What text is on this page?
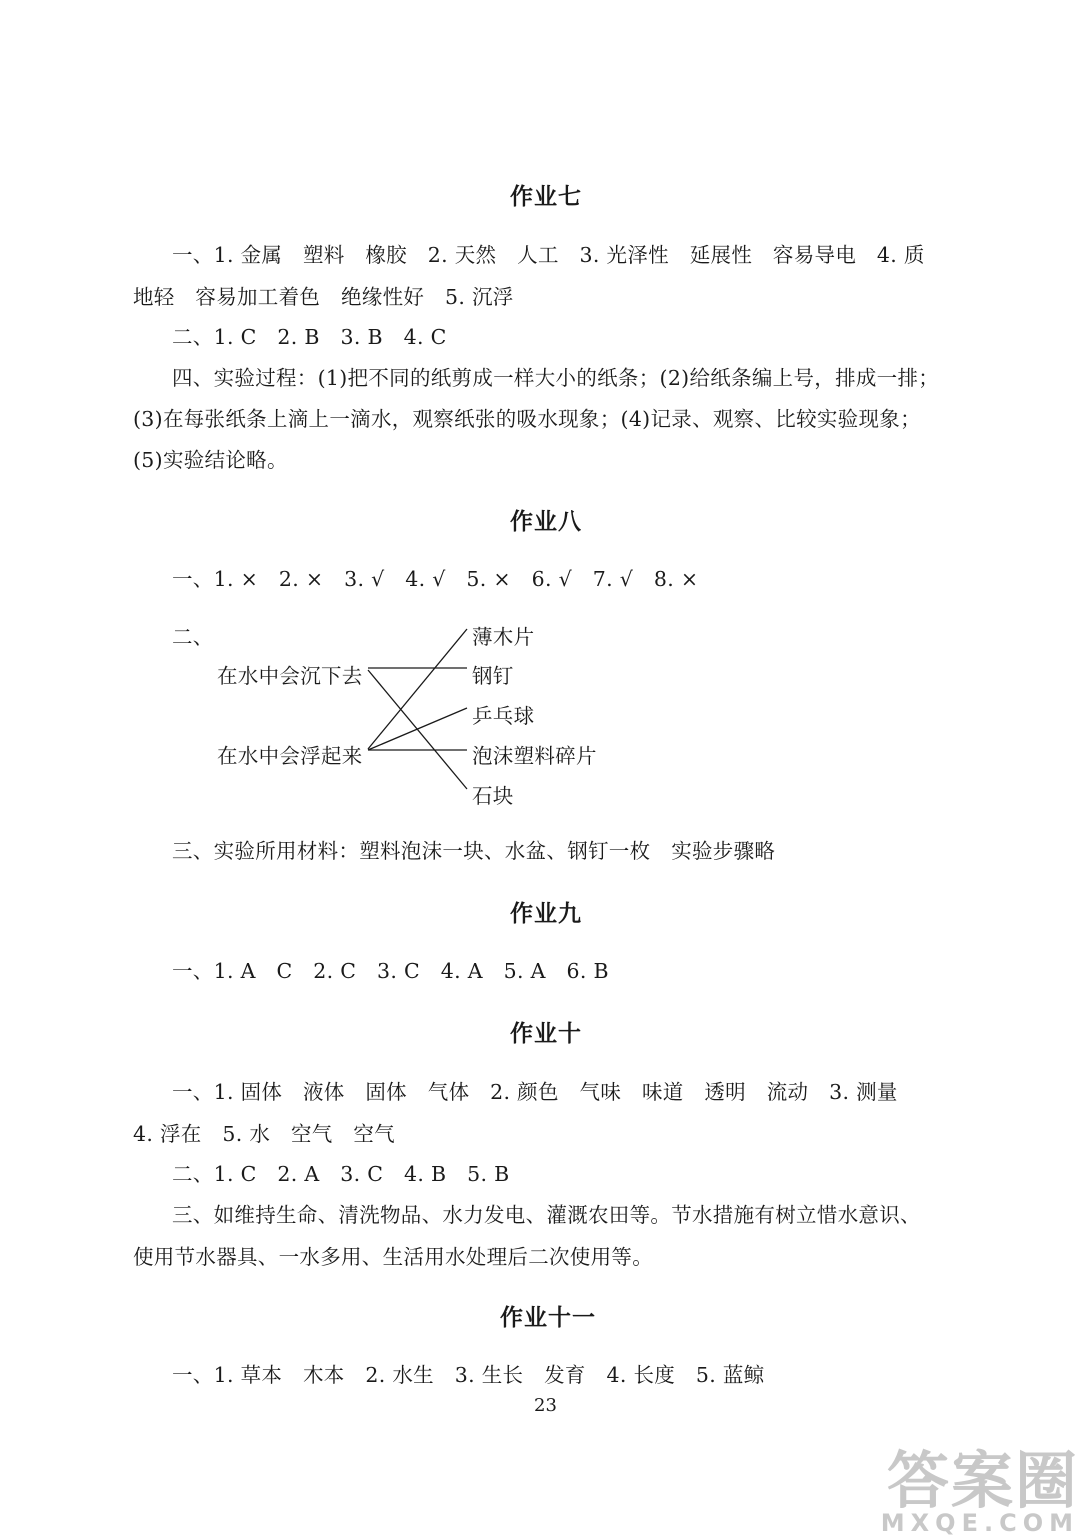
作业七
一、1. 金属　塑料　橡胶　2. 天然　人工　3. 光泽性　延展性　容易导电　4. 质
地轻　容易加工着色　绝缘性好　5. 沉浮
二、1. C　2. B　3. B　4. C
四、实验过程：(1)把不同的纸剪成一样大小的纸条；(2)给纸条编上号，排成一排；
(3)在每张纸条上滴上一滴水，观察纸张的吸水现象；(4)记录、观察、比较实验现象；
(5)实验结论略。
作业八
一、1. ×　2. ×　3. √　4. √　5. ×　6. √　7. √　8. ×
二、
在水中会沉下去
在水中会浮起来
薄木片
钢钉
乒乓球
泡沫塑料碎片
石块
三、实验所用材料：塑料泡沫一块、水盆、钢钉一枚　实验步骤略
作业九
一、1. A　C　2. C　3. C　4. A　5. A　6. B
作业十
一、1. 固体　液体　固体　气体　2. 颜色　气味　味道　透明　流动　3. 测量
4. 浮在　5. 水　空气　空气
二、1. C　2. A　3. C　4. B　5. B
三、如维持生命、清洗物品、水力发电、灌溉农田等。节水措施有树立惜水意识、
使用节水器具、一水多用、生活用水处理后二次使用等。
作业十一
一、1. 草本　木本　2. 水生　3. 生长　发育　4. 长度　5. 蓝鲸
23
答案圈
MXQE.COM
